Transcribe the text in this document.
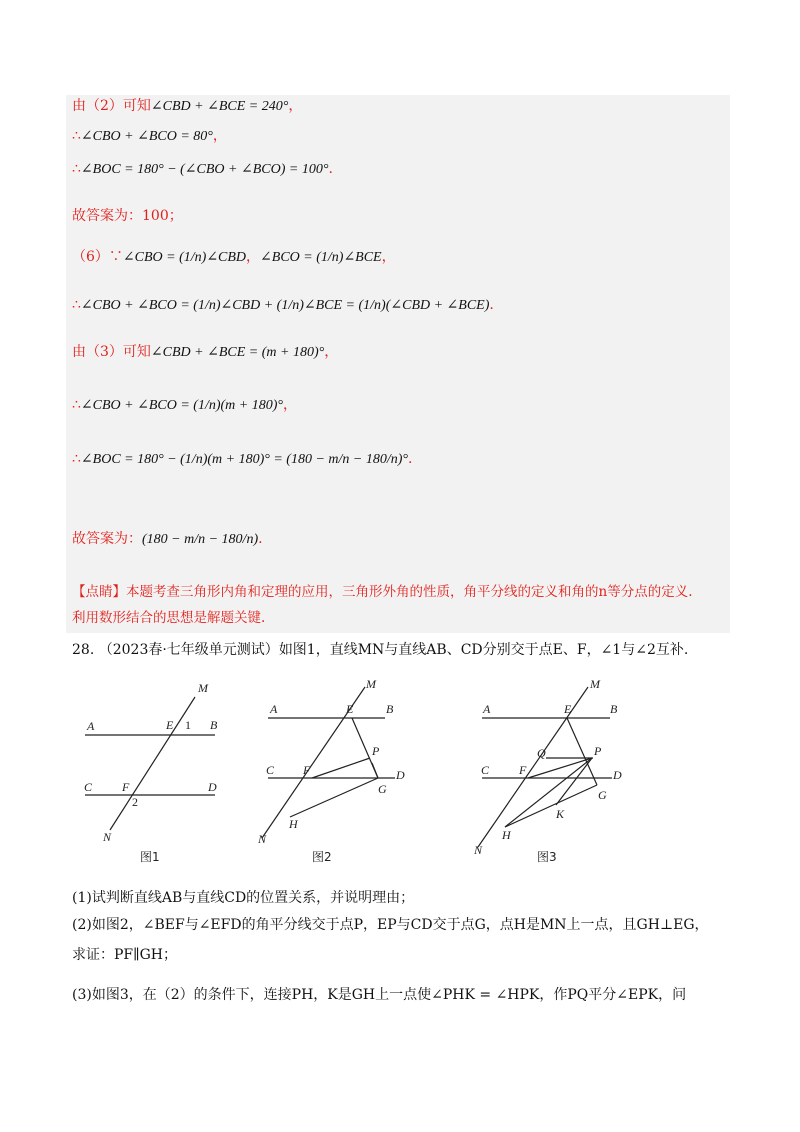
由（2）可知∠CBD + ∠BCE = 240°，
∴∠CBO + ∠BCO = 80°，
∴∠BOC = 180° − (∠CBO + ∠BCO) = 100°.
故答案为：100；
（6）∵∠CBO = (1/n)∠CBD，∠BCO = (1/n)∠BCE，
∴∠CBO + ∠BCO = (1/n)∠CBD + (1/n)∠BCE = (1/n)(∠CBD + ∠BCE).
由（3）可知∠CBD + ∠BCE = (m + 180)°，
∴∠CBO + ∠BCO = (1/n)(m + 180)°，
∴∠BOC = 180° − (1/n)(m + 180)° = (180 − m/n − 180/n)°.
故答案为：(180 − m/n − 180/n).
【点睛】本题考查三角形内角和定理的应用，三角形外角的性质，角平分线的定义和角的n等分点的定义.
利用数形结合的思想是解题关键.
28. （2023春·七年级单元测试）如图1，直线MN与直线AB、CD分别交于点E、F，∠1与∠2互补.
M
A	E 1 B
C F
2
D
N
图1
M
A	E	B
P
C F	D
G
H
N
图2
M
A	E	B
Q	P
C F	D
G
K
H
N	图3
(1)试判断直线AB与直线CD的位置关系，并说明理由；
(2)如图2，∠BEF与∠EFD的角平分线交于点P，EP与CD交于点G，点H是MN上一点，且GH⊥EG，
求证：PF∥GH；
(3)如图3，在（2）的条件下，连接PH，K是GH上一点使∠PHK = ∠HPK，作PQ平分∠EPK，问
